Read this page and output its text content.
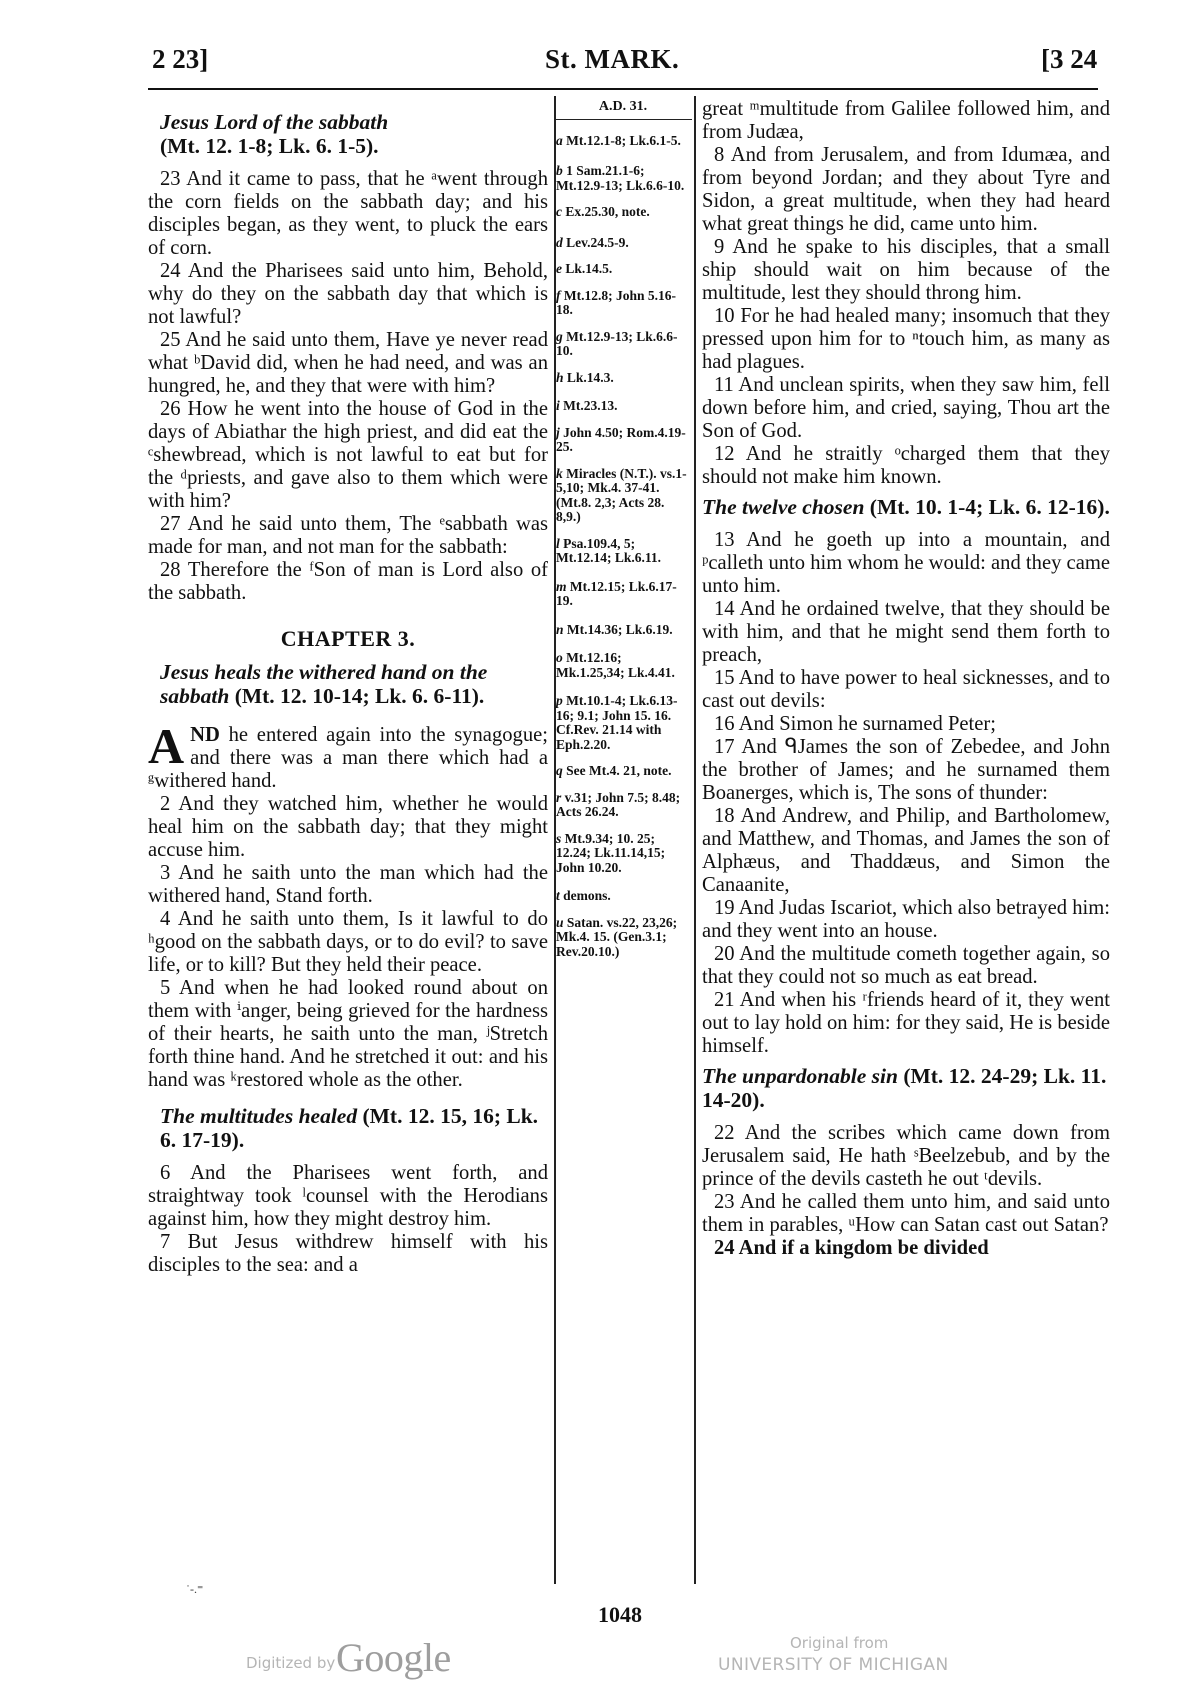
2 23]	St. MARK.	[3 24
Jesus Lord of the sabbath
(Mt. 12. 1-8; Lk. 6. 1-5).

23 And it came to pass, that he ᵃwent through the corn fields on the sabbath day; and his disciples began, as they went, to pluck the ears of corn.

24 And the Pharisees said unto him, Behold, why do they on the sabbath day that which is not lawful?

25 And he said unto them, Have ye never read what ᵇDavid did, when he had need, and was an hungred, he, and they that were with him?

26 How he went into the house of God in the days of Abiathar the high priest, and did eat the ᶜshewbread, which is not lawful to eat but for the ᵈpriests, and gave also to them which were with him?

27 And he said unto them, The ᵉsabbath was made for man, and not man for the sabbath:

28 Therefore the ᶠSon of man is Lord also of the sabbath.

CHAPTER 3.
Jesus heals the withered hand on the sabbath (Mt. 12. 10-14; Lk. 6. 6-11).

AND he entered again into the synagogue; and there was a man there which had a ᵍwithered hand.

2 And they watched him, whether he would heal him on the sabbath day; that they might accuse him.

3 And he saith unto the man which had the withered hand, Stand forth.

4 And he saith unto them, Is it lawful to do ʰgood on the sabbath days, or to do evil? to save life, or to kill? But they held their peace.

5 And when he had looked round about on them with ⁱanger, being grieved for the hardness of their hearts, he saith unto the man, ʲStretch forth thine hand. And he stretched it out: and his hand was ᵏrestored whole as the other.

The multitudes healed (Mt. 12. 15, 16; Lk. 6. 17-19).

6 And the Pharisees went forth, and straightway took ˡcounsel with the Herodians against him, how they might destroy him.

7 But Jesus withdrew himself with his disciples to the sea: and a

A.D. 31.
a Mt.12.1-8; Lk.6.1-5.
b 1 Sam.21.1-6; Mt.12.9-13; Lk.6.6-10.
c Ex.25.30, note.
d Lev.24.5-9.
e Lk.14.5.
f Mt.12.8; John 5.16-18.
g Mt.12.9-13; Lk.6.6-10.
h Lk.14.3.
i Mt.23.13.
j John 4.50; Rom.4.19-25.
k Miracles (N.T.). vs.1-5,10; Mk.4. 37-41. (Mt.8. 2,3; Acts 28. 8,9.)
l Psa.109.4, 5; Mt.12.14; Lk.6.11.
m Mt.12.15; Lk.6.17-19.
n Mt.14.36; Lk.6.19.
o Mt.12.16; Mk.1.25,34; Lk.4.41.
p Mt.10.1-4; Lk.6.13-16; 9.1; John 15. 16. Cf.Rev. 21.14 with Eph.2.20.
q See Mt.4. 21, note.
r v.31; John 7.5; 8.48; Acts 26.24.
s Mt.9.34; 10. 25; 12.24; Lk.11.14,15; John 10.20.
t demons.
u Satan. vs.22, 23,26; Mk.4. 15. (Gen.3.1; Rev.20.10.)

great ᵐmultitude from Galilee followed him, and from Judæa,

8 And from Jerusalem, and from Idumæa, and from beyond Jordan; and they about Tyre and Sidon, a great multitude, when they had heard what great things he did, came unto him.

9 And he spake to his disciples, that a small ship should wait on him because of the multitude, lest they should throng him.

10 For he had healed many; insomuch that they pressed upon him for to ⁿtouch him, as many as had plagues.

11 And unclean spirits, when they saw him, fell down before him, and cried, saying, Thou art the Son of God.

12 And he straitly ᵒcharged them that they should not make him known.

The twelve chosen (Mt. 10. 1-4; Lk. 6. 12-16).

13 And he goeth up into a mountain, and ᵖcalleth unto him whom he would: and they came unto him.

14 And he ordained twelve, that they should be with him, and that he might send them forth to preach,

15 And to have power to heal sicknesses, and to cast out devils:

16 And Simon he surnamed Peter;

17 And ᑫJames the son of Zebedee, and John the brother of James; and he surnamed them Boanerges, which is, The sons of thunder:

18 And Andrew, and Philip, and Bartholomew, and Matthew, and Thomas, and James the son of Alphæus, and Thaddæus, and Simon the Canaanite,

19 And Judas Iscariot, which also betrayed him: and they went into an house.

20 And the multitude cometh together again, so that they could not so much as eat bread.

21 And when his ʳfriends heard of it, they went out to lay hold on him: for they said, He is beside himself.

The unpardonable sin (Mt. 12. 24-29; Lk. 11. 14-20).

22 And the scribes which came down from Jerusalem said, He hath ˢBeelzebub, and by the prince of the devils casteth he out ᵗdevils.

23 And he called them unto him, and said unto them in parables, ᵘHow can Satan cast out Satan?

24 And if a kingdom be divided

˙-.⁼
1048
Digitized by Google	Original from
UNIVERSITY OF MICHIGAN
